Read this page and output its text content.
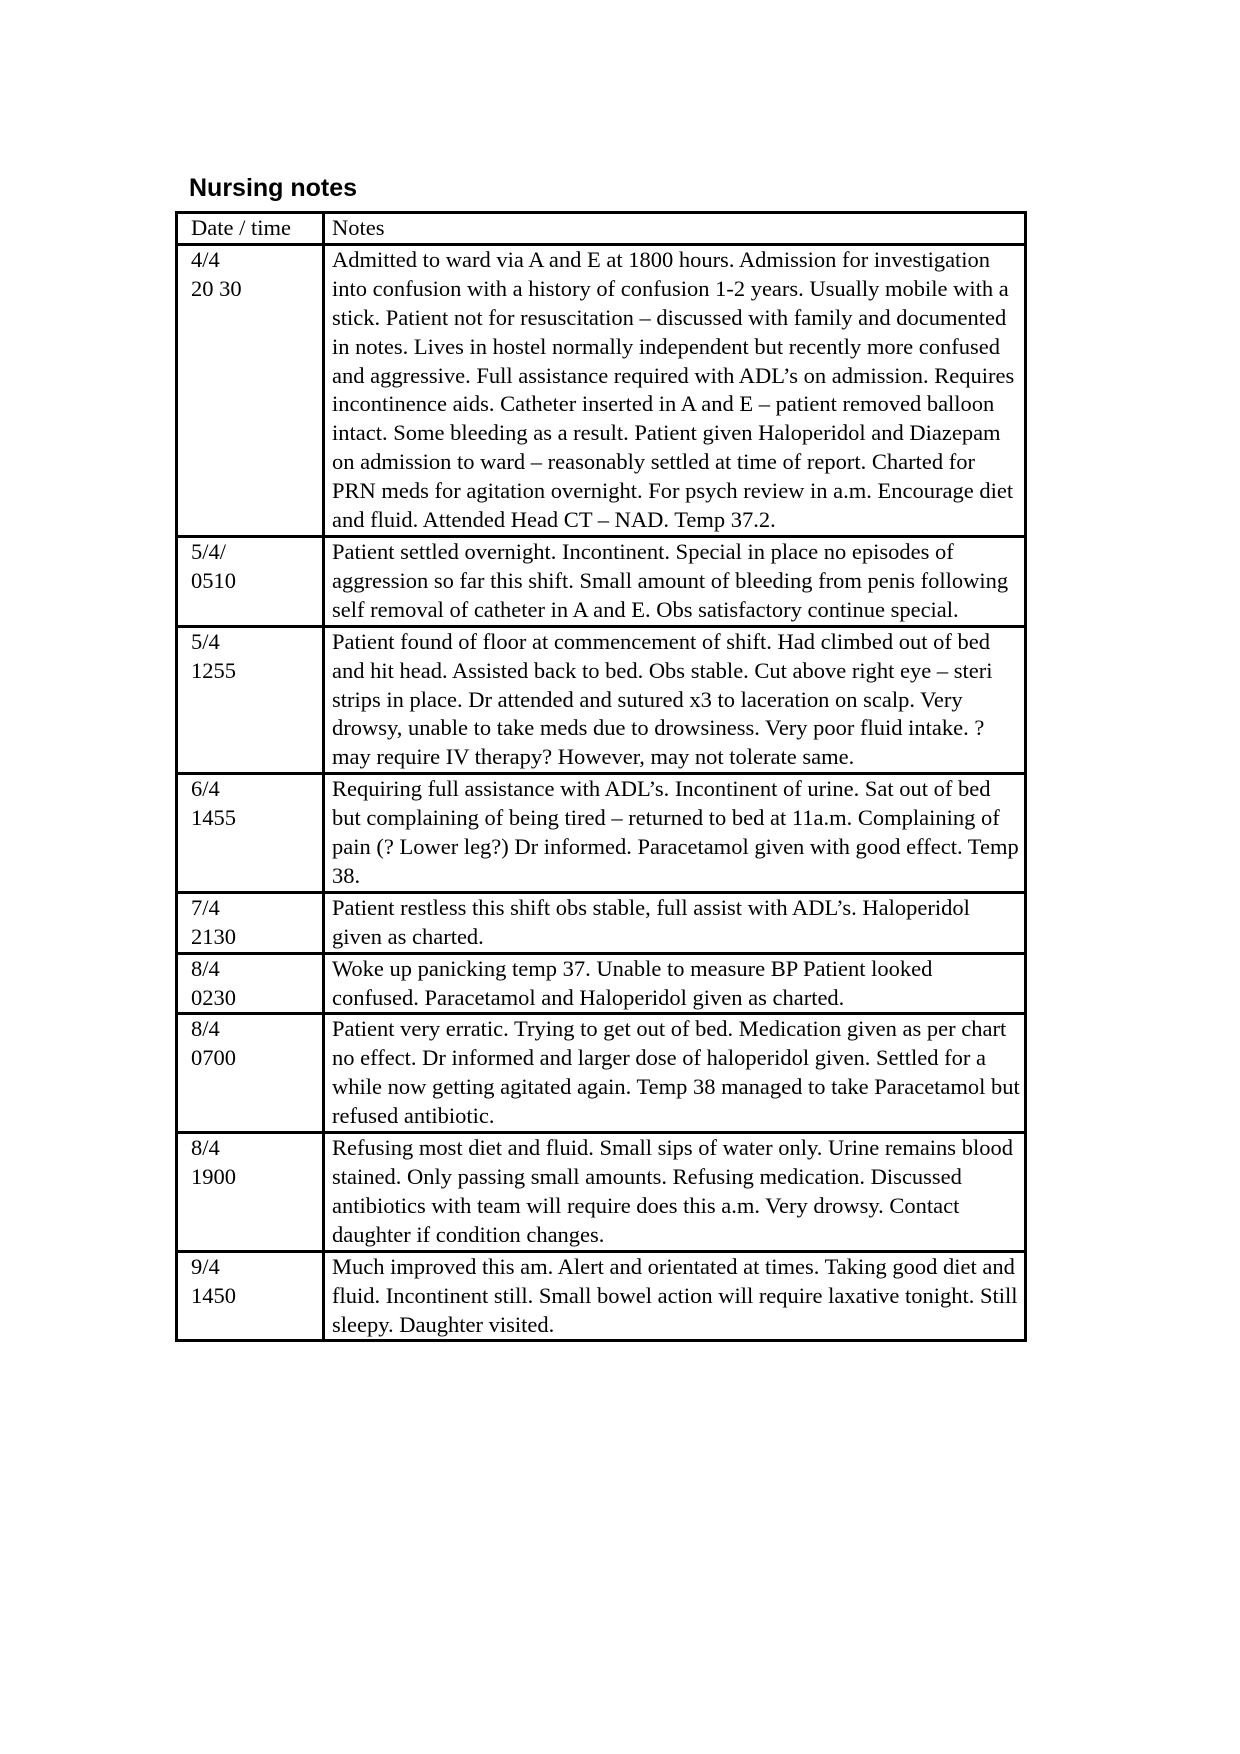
Nursing notes
Date / time	Notes

4/4
20 30	Admitted to ward via A and E at 1800 hours. Admission for investigation into confusion with a history of confusion 1-2 years. Usually mobile with a stick. Patient not for resuscitation – discussed with family and documented in notes. Lives in hostel normally independent but recently more confused and aggressive. Full assistance required with ADL’s on admission. Requires incontinence aids. Catheter inserted in A and E – patient removed balloon intact. Some bleeding as a result. Patient given Haloperidol and Diazepam on admission to ward – reasonably settled at time of report. Charted for PRN meds for agitation overnight. For psych review in a.m. Encourage diet and fluid. Attended Head CT – NAD. Temp 37.2.

5/4/
0510	Patient settled overnight. Incontinent. Special in place no episodes of aggression so far this shift. Small amount of bleeding from penis following self removal of catheter in A and E. Obs satisfactory continue special.

5/4
1255	Patient found of floor at commencement of shift. Had climbed out of bed and hit head. Assisted back to bed. Obs stable. Cut above right eye – steri strips in place. Dr attended and sutured x3 to laceration on scalp. Very drowsy, unable to take meds due to drowsiness. Very poor fluid intake. ?may require IV therapy? However, may not tolerate same.

6/4
1455	Requiring full assistance with ADL’s. Incontinent of urine. Sat out of bed but complaining of being tired – returned to bed at 11a.m. Complaining of pain (? Lower leg?) Dr informed. Paracetamol given with good effect. Temp 38.

7/4
2130	Patient restless this shift obs stable, full assist with ADL’s. Haloperidol given as charted.

8/4
0230	Woke up panicking temp 37. Unable to measure BP Patient looked confused. Paracetamol and Haloperidol given as charted.

8/4
0700	Patient very erratic. Trying to get out of bed. Medication given as per chart no effect. Dr informed and larger dose of haloperidol given. Settled for a while now getting agitated again. Temp 38 managed to take Paracetamol but refused antibiotic.

8/4
1900	Refusing most diet and fluid. Small sips of water only. Urine remains blood stained. Only passing small amounts. Refusing medication. Discussed antibiotics with team will require does this a.m. Very drowsy. Contact daughter if condition changes.

9/4
1450	Much improved this am. Alert and orientated at times. Taking good diet and fluid. Incontinent still. Small bowel action will require laxative tonight. Still sleepy. Daughter visited.
